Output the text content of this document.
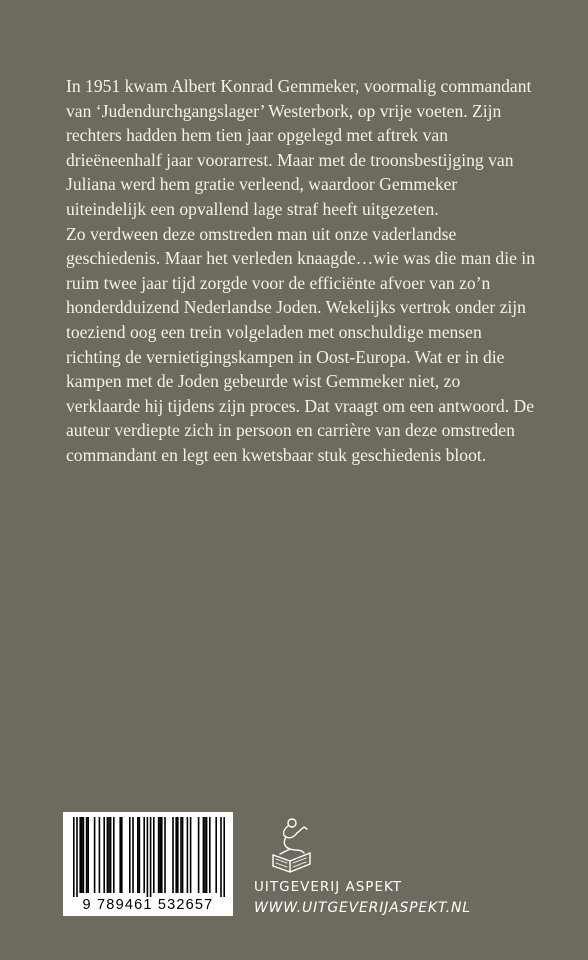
In 1951 kwam Albert Konrad Gemmeker, voormalig commandant van ‘Judendurchgangslager’ Westerbork, op vrije voeten. Zijn rechters hadden hem tien jaar opgelegd met aftrek van drieëneenhalf jaar voorarrest. Maar met de troonsbestijging van Juliana werd hem gratie verleend, waardoor Gemmeker uiteindelijk een opvallend lage straf heeft uitgezeten.

Zo verdween deze omstreden man uit onze vaderlandse geschiedenis. Maar het verleden knaagde…wie was die man die in ruim twee jaar tijd zorgde voor de efficiënte afvoer van zo’n honderdduizend Nederlandse Joden. Wekelijks vertrok onder zijn toeziend oog een trein volgeladen met onschuldige mensen richting de vernietigingskampen in Oost-Europa. Wat er in die kampen met de Joden gebeurde wist Gemmeker niet, zo verklaarde hij tijdens zijn proces. Dat vraagt om een antwoord. De auteur verdiepte zich in persoon en carrière van deze omstreden commandant en legt een kwetsbaar stuk geschiedenis bloot.

9 789461 532657
UITGEVERIJ ASPEKT
WWW.UITGEVERIJASPEKT.NL
